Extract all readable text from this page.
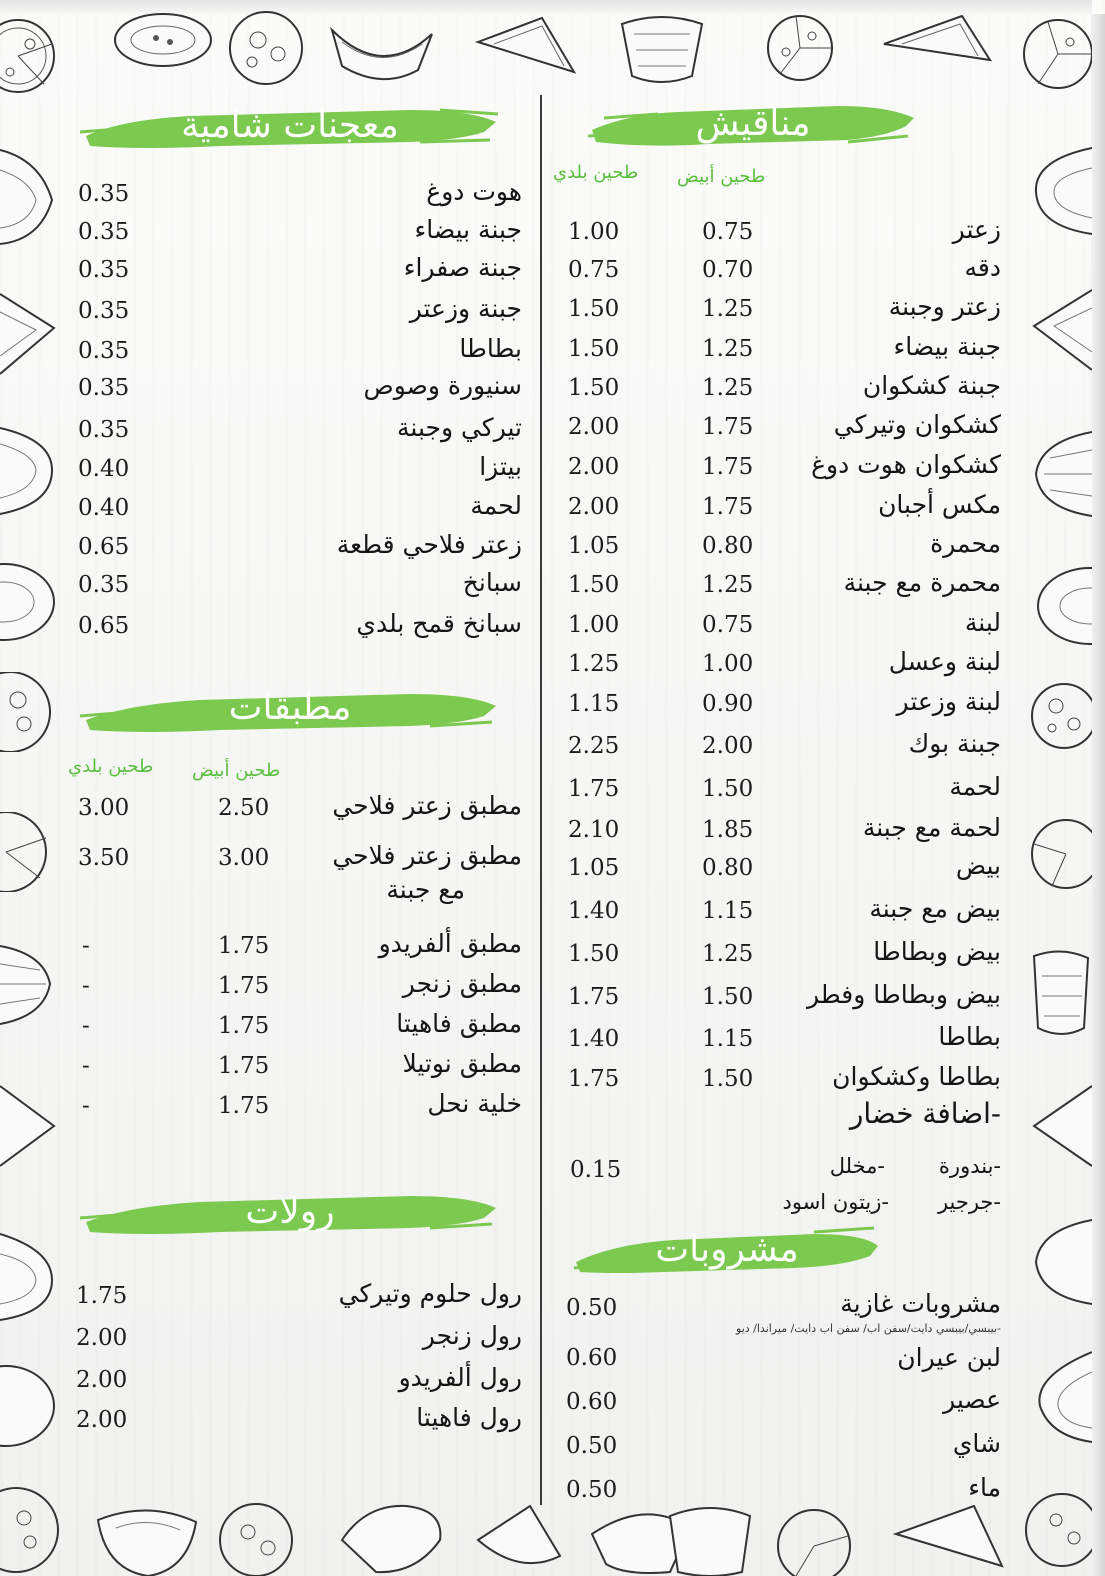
مناقيش
طحين أبيض
طحين بلدي
زعتر
0.75
1.00
دقه
0.70
0.75
زعتر وجبنة
1.25
1.50
جبنة بيضاء
1.25
1.50
جبنة كشكوان
1.25
1.50
كشكوان وتيركي
1.75
2.00
كشكوان هوت دوغ
1.75
2.00
مكس أجبان
1.75
2.00
محمرة
0.80
1.05
محمرة مع جبنة
1.25
1.50
لبنة
0.75
1.00
لبنة وعسل
1.00
1.25
لبنة وزعتر
0.90
1.15
جبنة بوك
2.00
2.25
لحمة
1.50
1.75
لحمة مع جبنة
1.85
2.10
بيض
0.80
1.05
بيض مع جبنة
1.15
1.40
بيض وبطاطا
1.25
1.50
بيض وبطاطا وفطر
1.50
1.75
بطاطا
1.15
1.40
بطاطا وكشكوان
1.50
1.75
-اضافة خضار
-بندورة
-مخلل
-جرجير
-زيتون اسود
0.15
مشروبات
مشروبات غازية
0.50
لبن عيران
0.60
عصير
0.60
شاي
0.50
ماء
0.50
-بيبسي/بيبسي دايت/سفن اب/ سفن اب دايت/ ميراندا/ ديو
معجنات شامية
هوت دوغ
0.35
جبنة بيضاء
0.35
جبنة صفراء
0.35
جبنة وزعتر
0.35
بطاطا
0.35
سنيورة وصوص
0.35
تيركي وجبنة
0.35
بيتزا
0.40
لحمة
0.40
زعتر فلاحي قطعة
0.65
سبانخ
0.35
سبانخ قمح بلدي
0.65
مطبقات
طحين أبيض
طحين بلدي
مطبق زعتر فلاحي
2.50
3.00
مطبق زعتر فلاحي
مع جبنة
3.00
3.50
مطبق ألفريدو
1.75
-
مطبق زنجر
1.75
-
مطبق فاهيتا
1.75
-
مطبق نوتيلا
1.75
-
خلية نحل
1.75
-
رولات
رول حلوم وتيركي
1.75
رول زنجر
2.00
رول ألفريدو
2.00
رول فاهيتا
2.00
